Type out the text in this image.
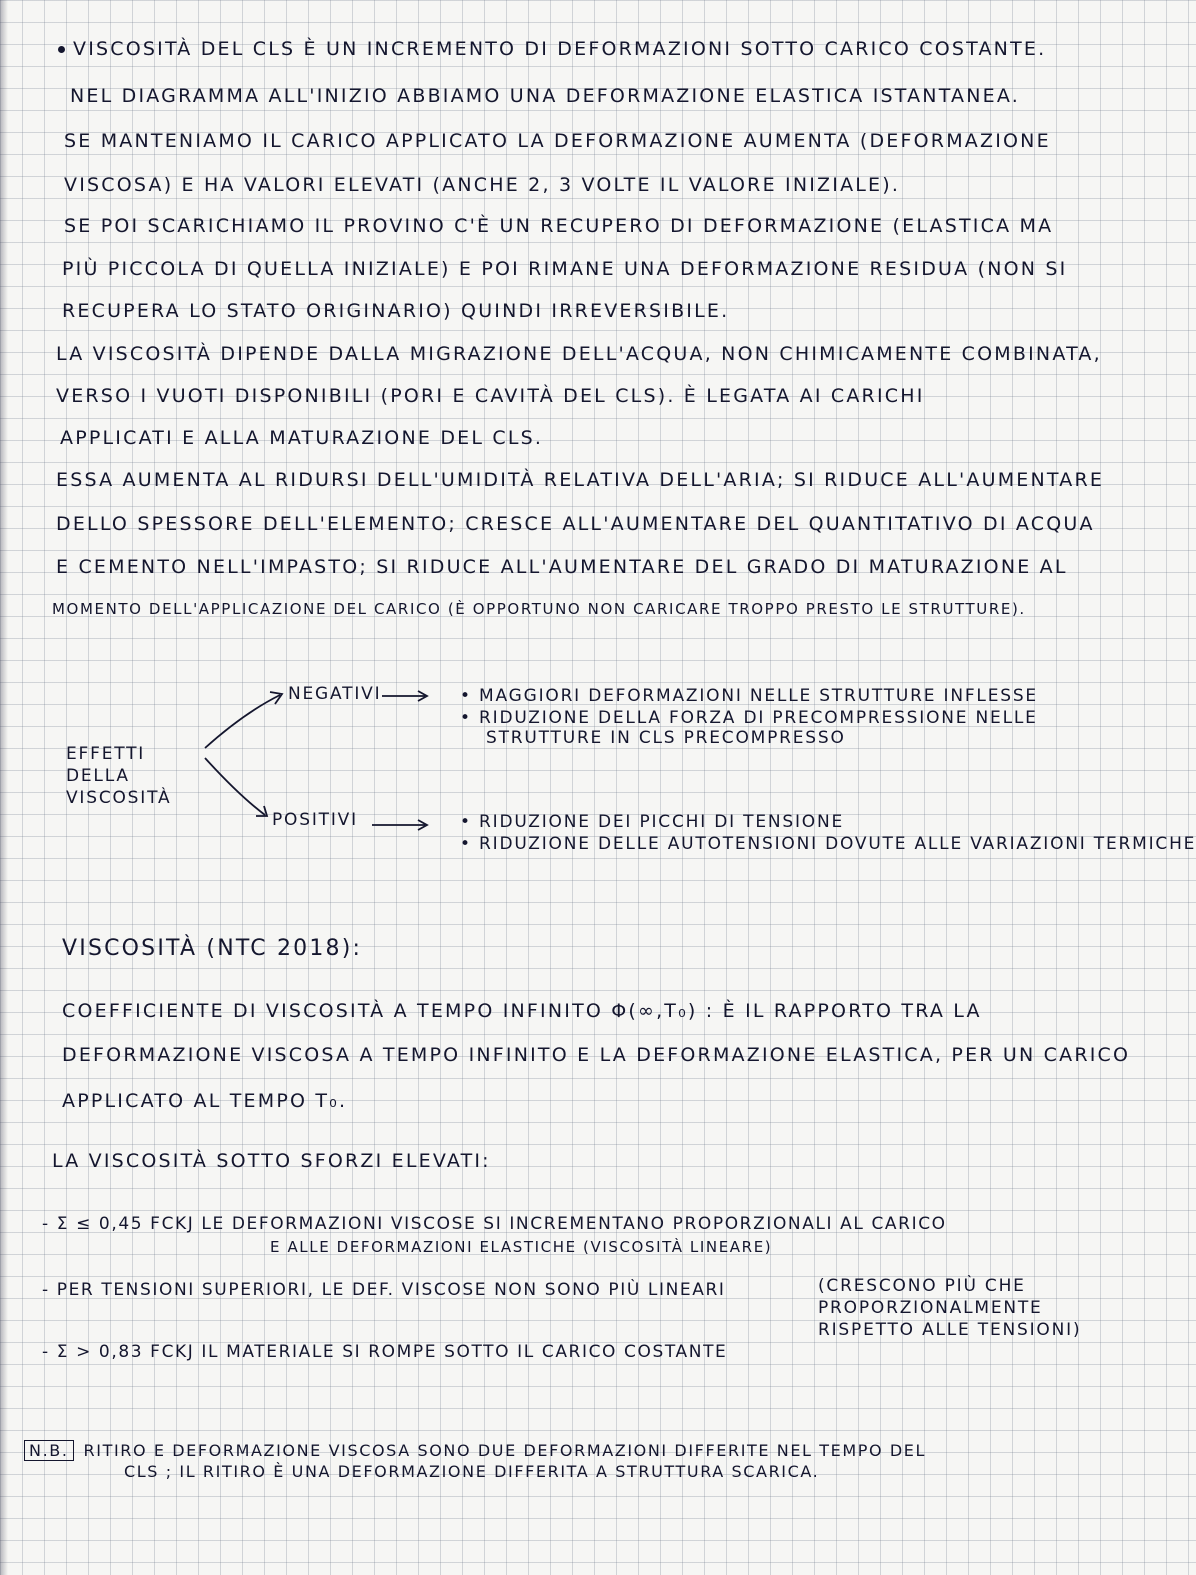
VISCOSITÀ DEL CLS È UN INCREMENTO DI DEFORMAZIONI SOTTO CARICO COSTANTE.
NEL DIAGRAMMA ALL'INIZIO ABBIAMO UNA DEFORMAZIONE ELASTICA ISTANTANEA.
SE MANTENIAMO IL CARICO APPLICATO LA DEFORMAZIONE AUMENTA (DEFORMAZIONE
VISCOSA) E HA VALORI ELEVATI (ANCHE 2, 3 VOLTE IL VALORE INIZIALE).
SE POI SCARICHIAMO IL PROVINO C'È UN RECUPERO DI DEFORMAZIONE (ELASTICA MA
PIÙ PICCOLA DI QUELLA INIZIALE) E POI RIMANE UNA DEFORMAZIONE RESIDUA (NON SI
RECUPERA LO STATO ORIGINARIO) QUINDI IRREVERSIBILE.
LA VISCOSITÀ DIPENDE DALLA MIGRAZIONE DELL'ACQUA, NON CHIMICAMENTE COMBINATA,
VERSO I VUOTI DISPONIBILI (PORI E CAVITÀ DEL CLS). È LEGATA AI CARICHI
APPLICATI E ALLA MATURAZIONE DEL CLS.
ESSA AUMENTA AL RIDURSI DELL'UMIDITÀ RELATIVA DELL'ARIA; SI RIDUCE ALL'AUMENTARE
DELLO SPESSORE DELL'ELEMENTO; CRESCE ALL'AUMENTARE DEL QUANTITATIVO DI ACQUA
E CEMENTO NELL'IMPASTO; SI RIDUCE ALL'AUMENTARE DEL GRADO DI MATURAZIONE AL
MOMENTO DELL'APPLICAZIONE DEL CARICO (È OPPORTUNO NON CARICARE TROPPO PRESTO LE STRUTTURE).
EFFETTI
DELLA
VISCOSITÀ
NEGATIVI	• MAGGIORI DEFORMAZIONI NELLE STRUTTURE INFLESSE
• RIDUZIONE DELLA FORZA DI PRECOMPRESSIONE NELLE
STRUTTURE IN CLS PRECOMPRESSO
POSITIVI	• RIDUZIONE DEI PICCHI DI TENSIONE
• RIDUZIONE DELLE AUTOTENSIONI DOVUTE ALLE VARIAZIONI TERMICHE
VISCOSITÀ (NTC 2018):
COEFFICIENTE DI VISCOSITÀ A TEMPO INFINITO Φ(∞,T₀) : È IL RAPPORTO TRA LA
DEFORMAZIONE VISCOSA A TEMPO INFINITO E LA DEFORMAZIONE ELASTICA, PER UN CARICO
APPLICATO AL TEMPO T₀.
LA VISCOSITÀ SOTTO SFORZI ELEVATI:
- Σ ≤ 0,45 FCKJ LE DEFORMAZIONI VISCOSE SI INCREMENTANO PROPORZIONALI AL CARICO
E ALLE DEFORMAZIONI ELASTICHE (VISCOSITÀ LINEARE)
- PER TENSIONI SUPERIORI, LE DEF. VISCOSE NON SONO PIÙ LINEARI	(CRESCONO PIÙ CHE
PROPORZIONALMENTE
RISPETTO ALLE TENSIONI)
- Σ > 0,83 FCKJ IL MATERIALE SI ROMPE SOTTO IL CARICO COSTANTE
N.B. RITIRO E DEFORMAZIONE VISCOSA SONO DUE DEFORMAZIONI DIFFERITE NEL TEMPO DEL
CLS ; IL RITIRO È UNA DEFORMAZIONE DIFFERITA A STRUTTURA SCARICA.
